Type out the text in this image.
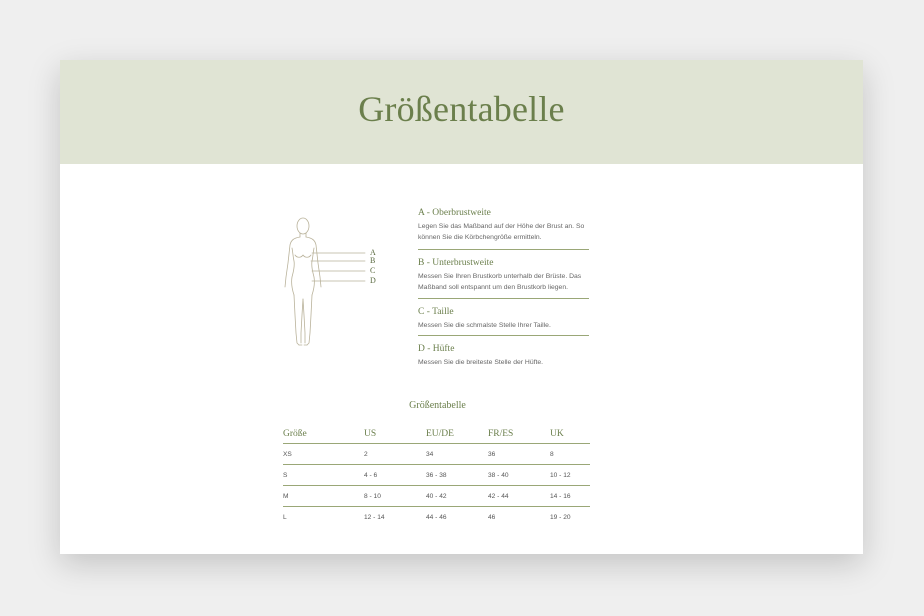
Größentabelle
A
B
C
D

A - Oberbrustweite

Legen Sie das Maßband auf der Höhe der Brust an. So können Sie die Körbchengröße ermitteln.

B - Unterbrustweite

Messen Sie Ihren Brustkorb unterhalb der Brüste. Das Maßband soll entspannt um den Brustkorb liegen.

C - Taille

Messen Sie die schmalste Stelle Ihrer Taille.

D - Hüfte

Messen Sie die breiteste Stelle der Hüfte.

Größentabelle
Größe	US	EU/DE	FR/ES	UK
XS	2	34	36	8
S	4 - 6	36 - 38	38 - 40	10 - 12
M	8 - 10	40 - 42	42 - 44	14 - 16
L	12 - 14	44 - 46	46	19 - 20
